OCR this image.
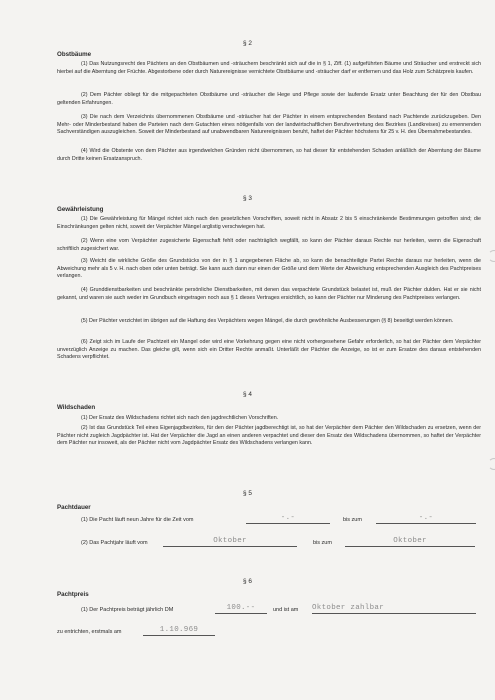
§ 2
Obstbäume

(1) Das Nutzungsrecht des Pächters an den Obstbäumen und -sträuchern beschränkt sich auf die in § 1, Ziff. (1) aufgeführten Bäume und Sträucher und erstreckt sich hierbei auf die Aberntung der Früchte. Abgestorbene oder durch Naturereignisse vernichtete Obstbäume und -sträucher darf er entfernen und das Holz zum Schätzpreis kaufen.

(2) Dem Pächter obliegt für die mitgepachteten Obstbäume und -sträucher die Hege und Pflege sowie der laufende Ersatz unter Beachtung der für den Obstbau geltenden Erfahrungen.

(3) Die nach dem Verzeichnis übernommenen Obstbäume und -sträucher hat der Pächter in einem entsprechenden Bestand nach Pachtende zurückzugeben. Den Mehr- oder Minderbestand haben die Parteien nach dem Gutachten eines nötigenfalls von der landwirtschaftlichen Berufsvertretung des Bezirkes (Landkreises) zu ernennenden Sachverständigen auszugleichen. Soweit der Minderbestand auf unabwendbaren Naturereignissen beruht, haftet der Pächter höchstens für 25 v. H. des Übernahmebestandes.

(4) Wird die Obstente von dem Pächter aus irgendwelchen Gründen nicht übernommen, so hat dieser für entstehenden Schaden anläßlich der Aberntung der Bäume durch Dritte keinen Ersatzanspruch.

§ 3
Gewährleistung

(1) Die Gewährleistung für Mängel richtet sich nach den gesetzlichen Vorschriften, soweit nicht in Absatz 2 bis 5 einschränkende Bestimmungen getroffen sind; die Einschränkungen gelten nicht, soweit der Verpächter Mängel arglistig verschwiegen hat.

(2) Wenn eine vom Verpächter zugesicherte Eigenschaft fehlt oder nachträglich wegfällt, so kann der Pächter daraus Rechte nur herleiten, wenn die Eigenschaft schriftlich zugesichert war.

(3) Weicht die wirkliche Größe des Grundstücks von der in § 1 angegebenen Fläche ab, so kann die benachteiligte Partei Rechte daraus nur herleiten, wenn die Abweichung mehr als 5 v. H. nach oben oder unten beträgt. Sie kann auch dann nur einen der Größe und dem Werte der Abweichung entsprechenden Ausgleich des Pachtpreises verlangen.

(4) Grunddienstbarkeiten und beschränkte persönliche Dienstbarkeiten, mit denen das verpachtete Grundstück belastet ist, muß der Pächter dulden. Hat er sie nicht gekannt, und waren sie auch weder im Grundbuch eingetragen noch aus § 1 dieses Vertrages ersichtlich, so kann der Pächter nur Minderung des Pachtpreises verlangen.

(5) Der Pächter verzichtet im übrigen auf die Haftung des Verpächters wegen Mängel, die durch gewöhnliche Ausbesserungen (§ 8) beseitigt werden können.

(6) Zeigt sich im Laufe der Pachtzeit ein Mangel oder wird eine Vorkehrung gegen eine nicht vorhergesehene Gefahr erforderlich, so hat der Pächter dem Verpächter unverzüglich Anzeige zu machen. Das gleiche gilt, wenn sich ein Dritter Rechte anmaßt. Unterläßt der Pächter die Anzeige, so ist er zum Ersatze des daraus entstehenden Schadens verpflichtet.

§ 4
Wildschaden

(1) Der Ersatz des Wildschadens richtet sich nach den jagdrechtlichen Vorschriften.

(2) Ist das Grundstück Teil eines Eigenjagdbezirkes, für den der Pächter jagdberechtigt ist, so hat der Verpächter dem Pächter den Wildschaden zu ersetzen, wenn der Pächter nicht zugleich Jagdpächter ist. Hat der Verpächter die Jagd an einen anderen verpachtet und dieser den Ersatz des Wildschadens übernommen, so haftet der Verpächter dem Pächter nur insoweit, als der Pächter nicht vom Jagdpächter Ersatz des Wildschadens verlangen kann.

§ 5
Pachtdauer
(1) Die Pacht läuft neun Jahre für die Zeit vom	-.-	bis zum	-.-
(2) Das Pachtjahr läuft vom	Oktober	bis zum	Oktober
§ 6
Pachtpreis
(1) Der Pachtpreis beträgt jährlich DM	100.--	und ist am Oktober zahlbar
zu entrichten, erstmals am	1.10.969
